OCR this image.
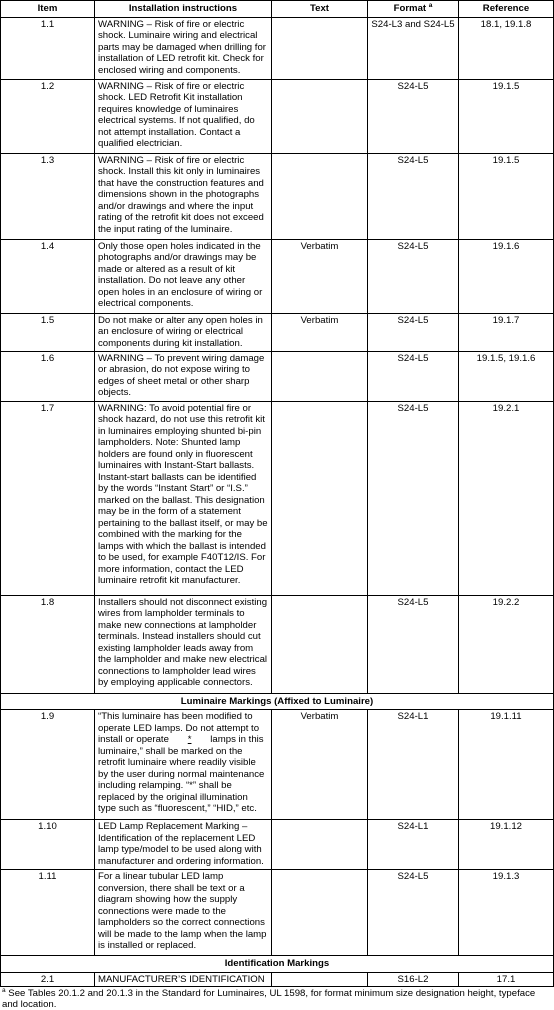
Item	Installation instructions	Text	Format $^a$	Reference
1.1	WARNING – Risk of fire or electric shock. Luminaire wiring and electrical parts may be damaged when drilling for installation of LED retrofit kit. Check for enclosed wiring and components.		S24-L3 and S24-L5	18.1, 19.1.8
1.2	WARNING – Risk of fire or electric shock. LED Retrofit Kit installation requires knowledge of luminaires electrical systems. If not qualified, do not attempt installation. Contact a qualified electrician.		S24-L5	19.1.5
1.3	WARNING – Risk of fire or electric shock. Install this kit only in luminaires that have the construction features and dimensions shown in the photographs and/or drawings and where the input rating of the retrofit kit does not exceed the input rating of the luminaire.		S24-L5	19.1.5
1.4	Only those open holes indicated in the photographs and/or drawings may be made or altered as a result of kit installation. Do not leave any other open holes in an enclosure of wiring or electrical components.	Verbatim	S24-L5	19.1.6
1.5	Do not make or alter any open holes in an enclosure of wiring or electrical components during kit installation.	Verbatim	S24-L5	19.1.7
1.6	WARNING – To prevent wiring damage or abrasion, do not expose wiring to edges of sheet metal or other sharp objects.		S24-L5	19.1.5, 19.1.6
1.7	WARNING: To avoid potential fire or shock hazard, do not use this retrofit kit in luminaires employing shunted bi-pin lampholders. Note: Shunted lamp holders are found only in fluorescent luminaires with Instant-Start ballasts. Instant-start ballasts can be identified by the words “Instant Start” or “I.S.” marked on the ballast. This designation may be in the form of a statement pertaining to the ballast itself, or may be combined with the marking for the lamps with which the ballast is intended to be used, for example F40T12/IS. For more information, contact the LED luminaire retrofit kit manufacturer.		S24-L5	19.2.1
1.8	Installers should not disconnect existing wires from lampholder terminals to make new connections at lampholder terminals. Instead installers should cut existing lampholder leads away from the lampholder and make new electrical connections to lampholder lead wires by employing applicable connectors.		S24-L5	19.2.2
Luminaire Markings (Affixed to Luminaire)				
1.9	“This luminaire has been modified to operate LED lamps. Do not attempt to install or operate * lamps in this luminaire,” shall be marked on the retrofit luminaire where readily visible by the user during normal maintenance including relamping. “*” shall be replaced by the original illumination type such as “fluorescent,” “HID,” etc.	Verbatim	S24-L1	19.1.11
1.10	LED Lamp Replacement Marking – Identification of the replacement LED lamp type/model to be used along with manufacturer and ordering information.		S24-L1	19.1.12
1.11	For a linear tubular LED lamp conversion, there shall be text or a diagram showing how the supply connections were made to the lampholders so the correct connections will be made to the lamp when the lamp is installed or replaced.		S24-L5	19.1.3
Identification Markings				
2.1	MANUFACTURER’S IDENTIFICATION		S16-L2	17.1
$^a$ See Tables 20.1.2 and 20.1.3 in the Standard for Luminaires, UL 1598, for format minimum size designation height, typeface and location.
